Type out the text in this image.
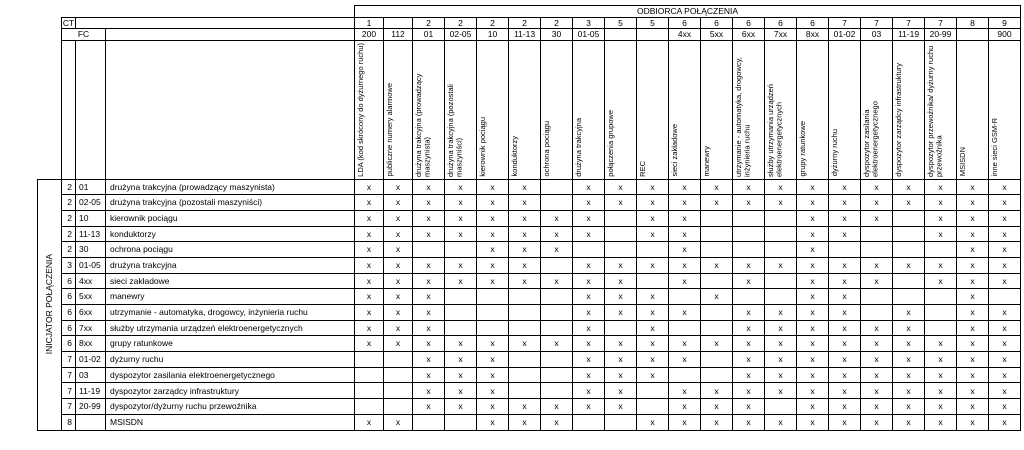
				ODBIORCA POŁĄCZENIA																				
	CT			1		2	2	2	2	2	3	5	5	6	6	6	6	6	7	7	7	7	8	9
	FC			200	112	01	02-05	10	11-13	30	01-05			4xx	5xx	6xx	7xx	8xx	01-02	03	11-19	20-99		900

				LDA (kod skrócony do dyżurnego ruchu)	publiczne numery alarmowe	drużyna trakcyjna (prowadzący maszynista)	drużyna trakcyjna (pozostali maszyniści)	kierownik pociągu	konduktorzy	ochrona pociągu	drużyna trakcyjna	połączenia grupowe	REC	sieci zakładowe	manewry	utrzymanie - automatyka, drogowcy, inżynieria ruchu	służby utrzymania urządzeń elektroenergetycznych	grupy ratunkowe	dyżurny ruchu	dyspozytor zasilania elektroenergetycznego	dyspozytor zarządcy infrastruktury	dyspozytor przewoźnika/ dyżurny ruchu przewoźnika	MSISDN	inne sieci GSM-R

INICJATOR POŁĄCZENIA	2	01	drużyna trakcyjna (prowadzący maszynista)	x	x	x	x	x	x		x	x	x	x	x	x	x	x	x	x	x	x	x	x
	2	02-05	drużyna trakcyjna (pozostali maszyniści)	x	x	x	x	x	x		x	x	x	x	x	x	x	x	x	x	x	x	x	x
	2	10	kierownik pociągu	x	x	x	x	x	x	x	x		x	x				x	x	x		x	x	x
	2	11-13	konduktorzy	x	x	x	x	x	x	x	x		x	x				x	x			x	x	x
	2	30	ochrona pociągu	x	x			x	x	x				x				x					x	x
	3	01-05	drużyna trakcyjna	x	x	x	x	x	x		x	x	x	x	x	x	x	x	x	x	x	x	x	x
	6	4xx	sieci zakładowe	x	x	x	x	x	x	x	x	x		x		x		x	x	x		x	x	x
	6	5xx	manewry	x	x	x					x	x	x		x			x	x				x	
	6	6xx	utrzymanie - automatyka, drogowcy, inżynieria ruchu	x	x	x					x	x	x	x		x	x	x	x		x		x	x
	6	7xx	służby utrzymania urządzeń elektroenergetycznych	x	x	x					x		x			x	x	x	x	x	x		x	x
	6	8xx	grupy ratunkowe	x	x	x	x	x	x	x	x	x	x	x	x	x	x	x	x	x	x	x	x	x
	7	01-02	dyżurny ruchu			x	x	x			x	x	x	x		x	x	x	x	x	x	x	x	x
	7	03	dyspozytor zasilania elektroenergetycznego			x	x	x			x	x	x			x	x	x	x	x	x	x	x	x
	7	11-19	dyspozytor zarządcy infrastruktury			x	x	x			x	x		x	x	x	x	x	x	x	x	x	x	x
	7	20-99	dyspozytor/dyżurny ruchu przewoźnika			x	x	x	x	x	x	x		x	x	x		x	x	x	x	x	x	x
	8		MSISDN	x	x			x	x	x			x	x	x	x	x	x	x	x	x	x	x	x
